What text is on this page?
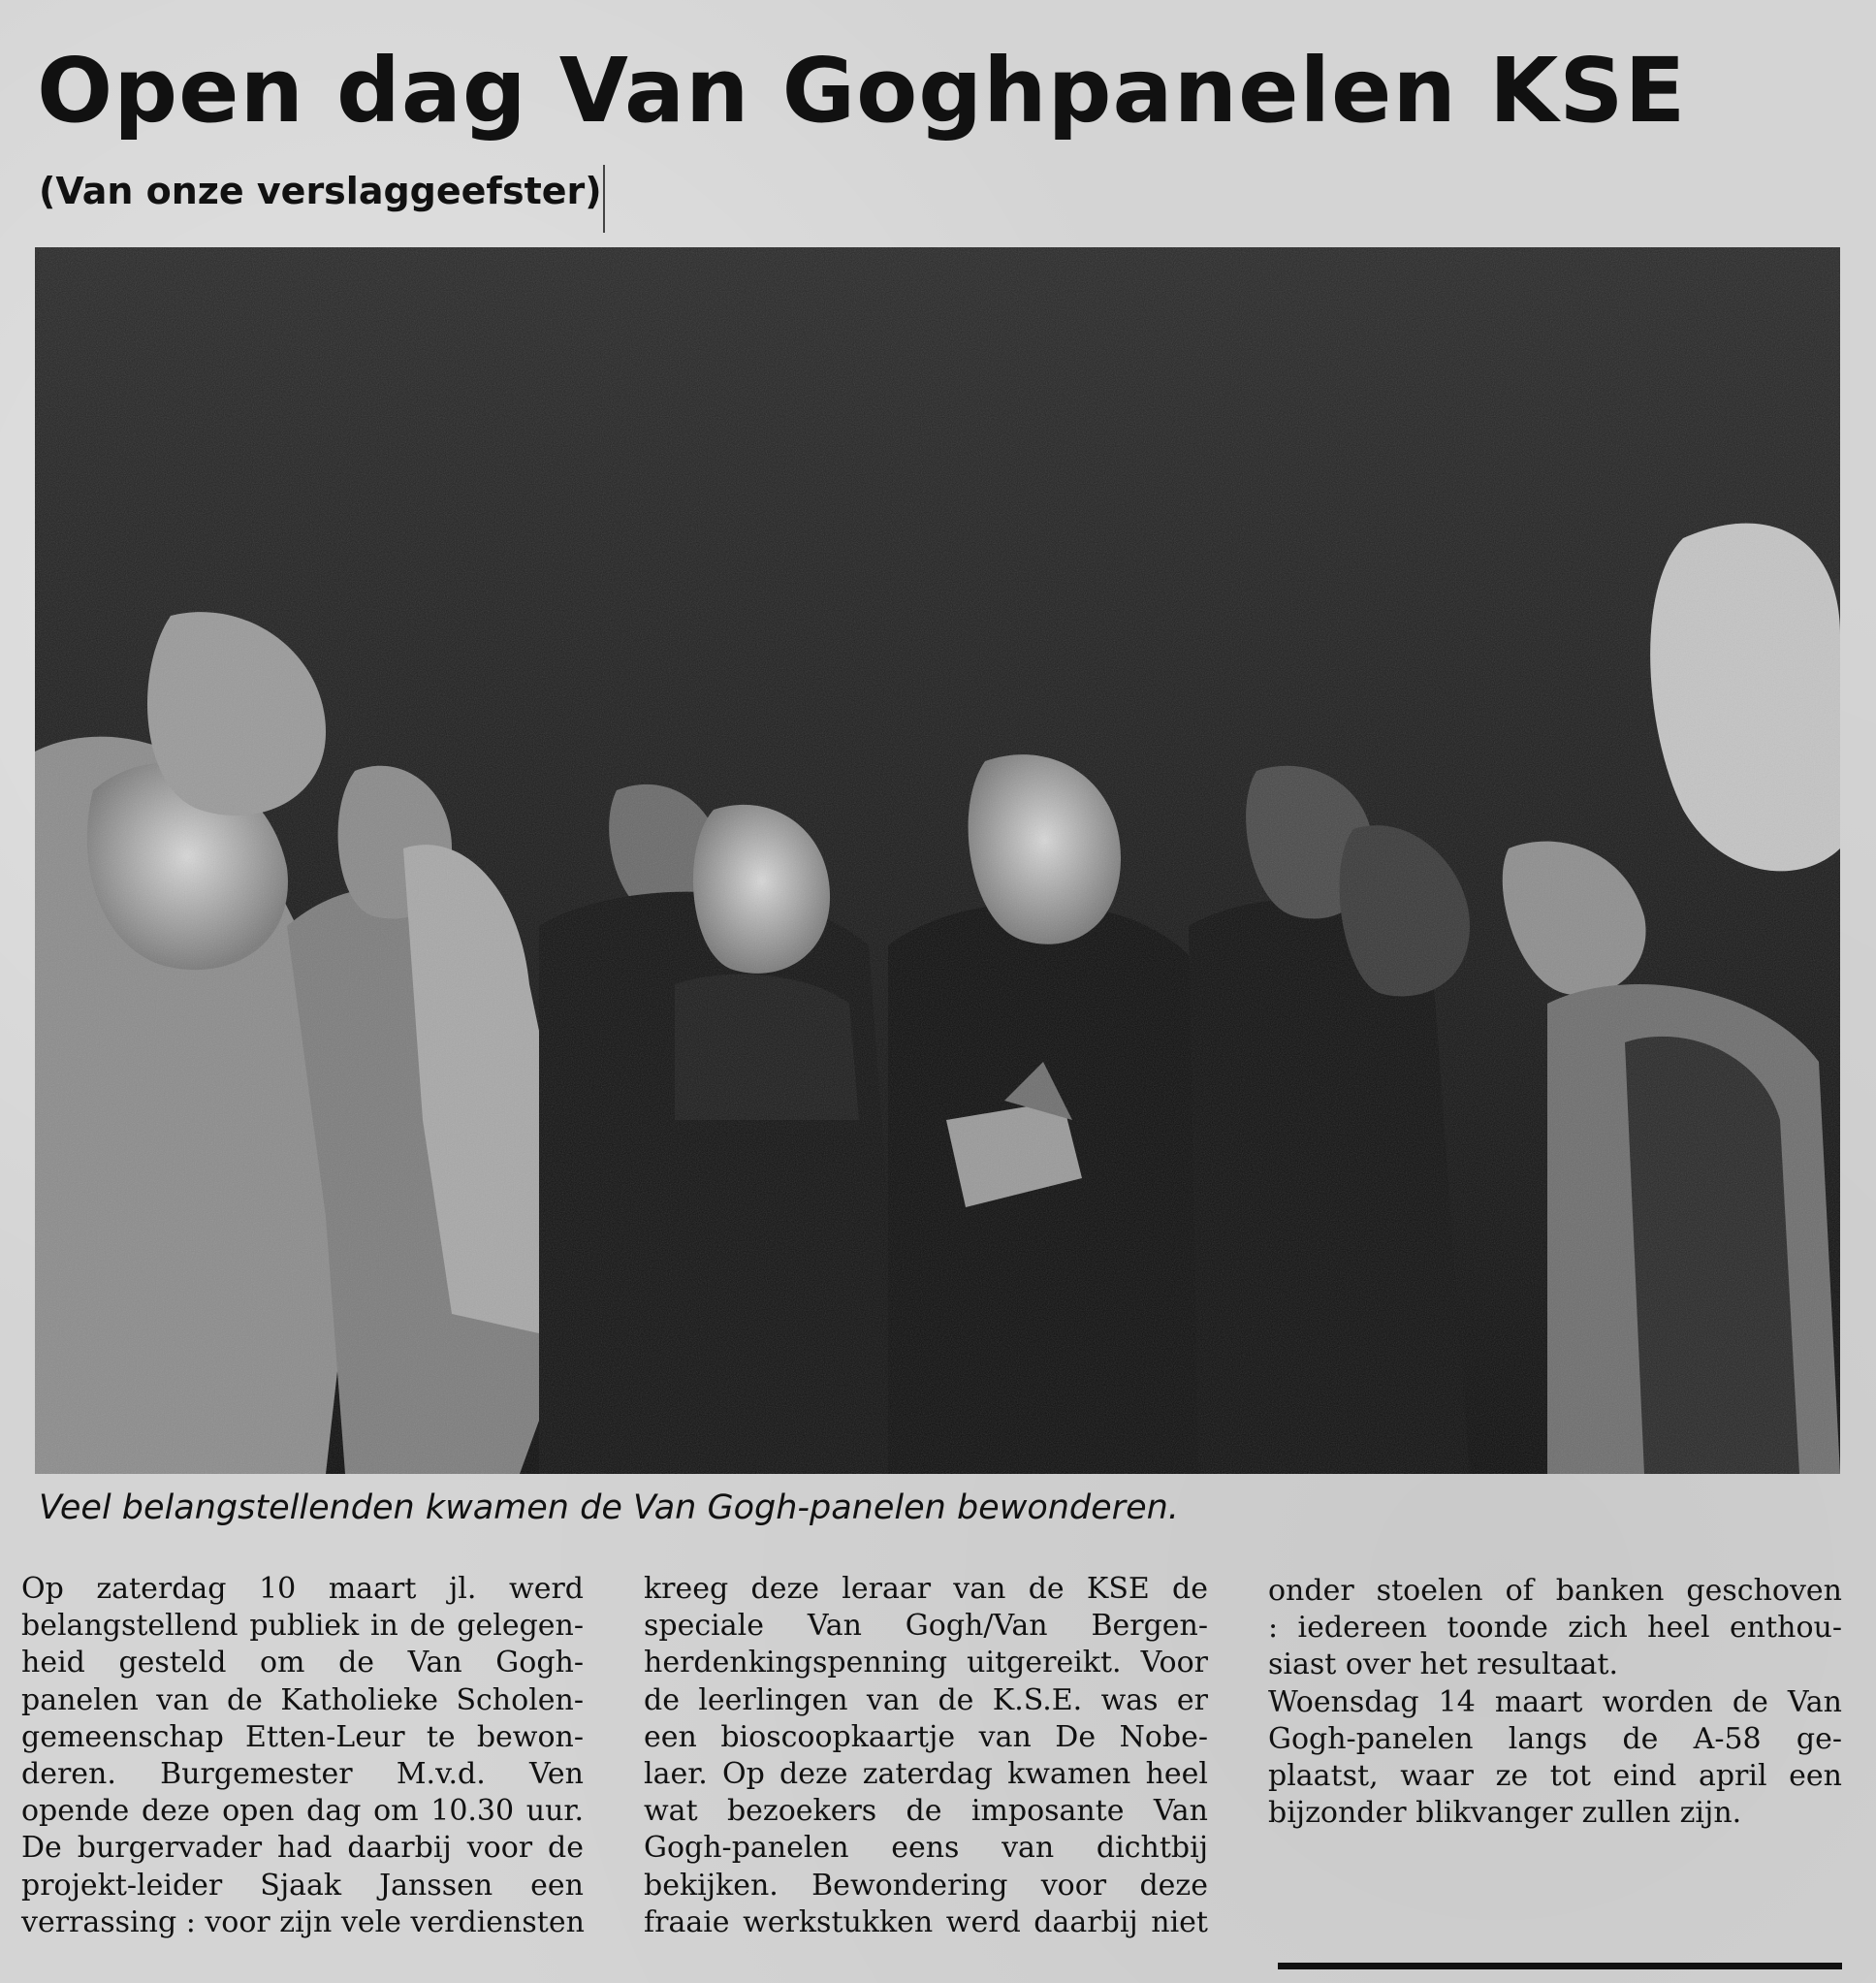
Open dag Van Goghpanelen KSE
(Van onze verslaggeefster)
Veel belangstellenden kwamen de Van Gogh-panelen bewonderen.
Op zaterdag 10 maart jl. werd
belangstellend publiek in de gelegen-
heid gesteld om de Van Gogh-
panelen van de Katholieke Scholen-
gemeenschap Etten-Leur te bewon-
deren. Burgemester M.v.d. Ven
opende deze open dag om 10.30 uur.
De burgervader had daarbij voor de
projekt-leider Sjaak Janssen een
verrassing : voor zijn vele verdiensten
kreeg deze leraar van de KSE de
speciale Van Gogh/Van Bergen-
herdenkingspenning uitgereikt. Voor
de leerlingen van de K.S.E. was er
een bioscoopkaartje van De Nobe-
laer. Op deze zaterdag kwamen heel
wat bezoekers de imposante Van
Gogh-panelen eens van dichtbij
bekijken. Bewondering voor deze
fraaie werkstukken werd daarbij niet
onder stoelen of banken geschoven
: iedereen toonde zich heel enthou-
siast over het resultaat.
Woensdag 14 maart worden de Van
Gogh-panelen langs de A-58 ge-
plaatst, waar ze tot eind april een
bijzonder blikvanger zullen zijn.
